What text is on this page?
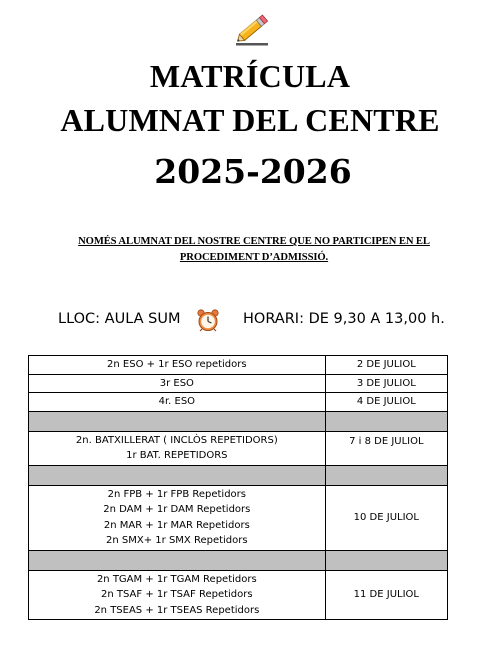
MATRÍCULA
ALUMNAT DEL CENTRE
2025-2026
NOMÉS ALUMNAT DEL NOSTRE CENTRE QUE NO PARTICIPEN EN EL
PROCEDIMENT D’ADMISSIÓ.
LLOC: AULA SUM	HORARI: DE 9,30 A 13,00 h.
2n ESO + 1r ESO repetidors	2 DE JULIOL

3r ESO	3 DE JULIOL

4r. ESO	4 DE JULIOL

2n. BATXILLERAT ( INCLÒS REPETIDORS)
1r BAT. REPETIDORS	7 i 8 DE JULIOL

2n FPB + 1r FPB Repetidors
2n DAM + 1r DAM Repetidors
2n MAR + 1r MAR Repetidors
2n SMX+ 1r SMX Repetidors	10 DE JULIOL

2n TGAM + 1r TGAM Repetidors
2n TSAF + 1r TSAF Repetidors
2n TSEAS + 1r TSEAS Repetidors	11 DE JULIOL
